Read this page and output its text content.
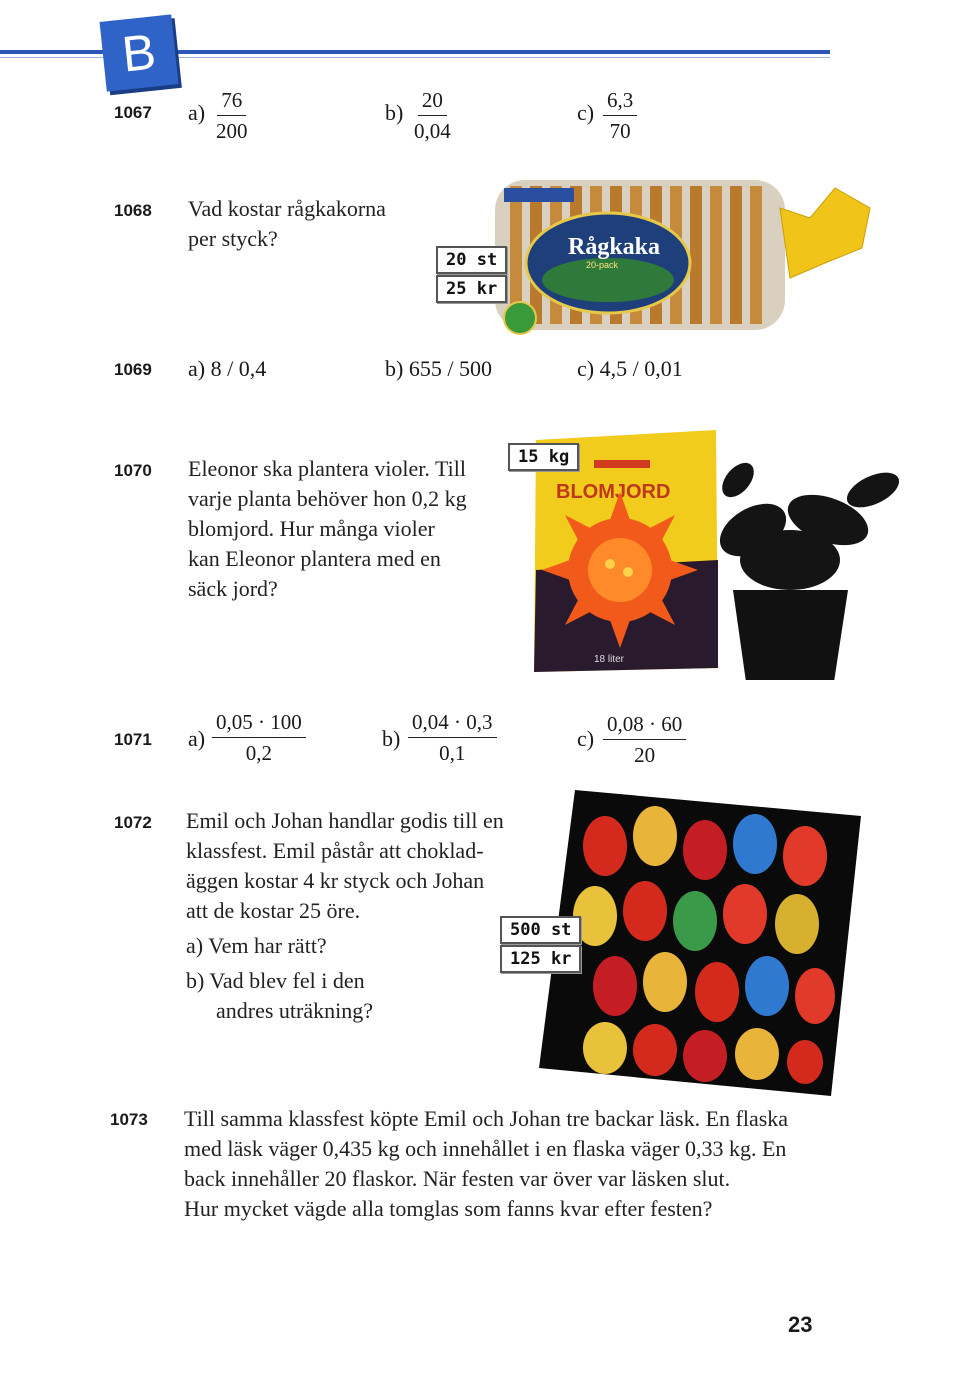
B
1067 $a) \frac{76}{200}$	$b) \frac{20}{0,04}$	$c) \frac{6,3}{70}$
1068 Vad kostar rågkakorna
per styck?	Rågkaka
20-pack
20 st
25 kr
1069 a) 8 / 0,4	b) 655 / 500	c) 4,5 / 0,01
1070 Eleonor ska plantera violer. Till
varje planta behöver hon 0,2 kg
blomjord. Hur många violer
kan Eleonor plantera med en
säck jord?
BLOMJORD
18 liter
15 kg
1071 $a) \frac{0,05 \cdot 100}{0,2}$	$b) \frac{0,04 \cdot 0,3}{0,1}$	$c) \frac{0,08 \cdot 60}{20}$
1072 Emil och Johan handlar godis till en
klassfest. Emil påstår att choklad-
äggen kostar 4 kr styck och Johan
att de kostar 25 öre.
a) Vem har rätt?
b) Vad blev fel i den
andres uträkning?
500 st
125 kr
1073 Till samma klassfest köpte Emil och Johan tre backar läsk. En flaska
med läsk väger 0,435 kg och innehållet i en flaska väger 0,33 kg. En
back innehåller 20 flaskor. När festen var över var läsken slut.
Hur mycket vägde alla tomglas som fanns kvar efter festen?
23
